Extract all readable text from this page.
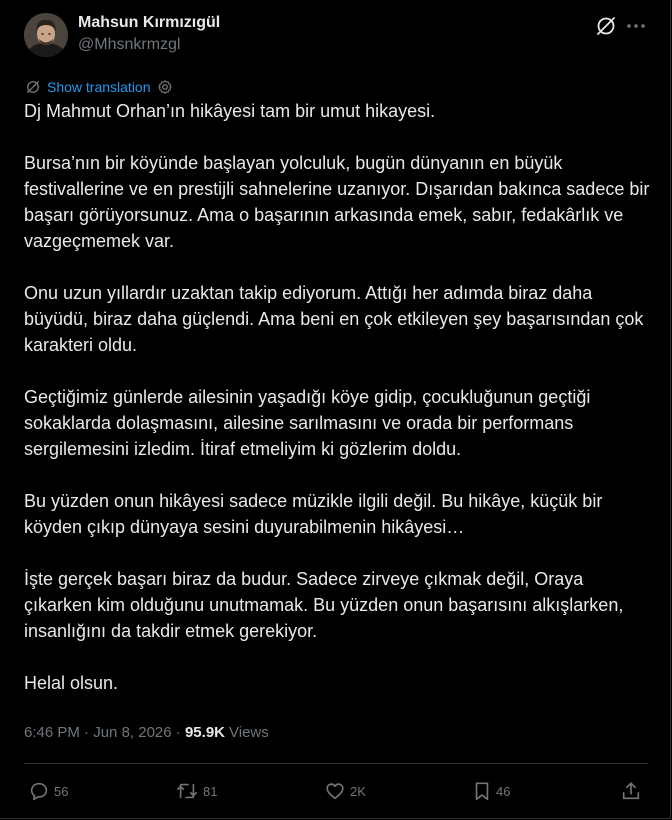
Mahsun Kırmızıgül
@Mhsnkrmzgl
Show translation

Dj Mahmut Orhan’ın hikâyesi tam bir umut hikayesi.

Bursa’nın bir köyünde başlayan yolculuk, bugün dünyanın en büyük festivallerine ve en prestijli sahnelerine uzanıyor. Dışarıdan bakınca sadece bir başarı görüyorsunuz. Ama o başarının arkasında emek, sabır, fedakârlık ve vazgeçmemek var.

Onu uzun yıllardır uzaktan takip ediyorum. Attığı her adımda biraz daha büyüdü, biraz daha güçlendi. Ama beni en çok etkileyen şey başarısından çok karakteri oldu.

Geçtiğimiz günlerde ailesinin yaşadığı köye gidip, çocukluğunun geçtiği sokaklarda dolaşmasını, ailesine sarılmasını ve orada bir performans sergilemesini izledim. İtiraf etmeliyim ki gözlerim doldu.

Bu yüzden onun hikâyesi sadece müzikle ilgili değil. Bu hikâye, küçük bir köyden çıkıp dünyaya sesini duyurabilmenin hikâyesi…

İşte gerçek başarı biraz da budur. Sadece zirveye çıkmak değil, Oraya çıkarken kim olduğunu unutmamak. Bu yüzden onun başarısını alkışlarken, insanlığını da takdir etmek gerekiyor.

Helal olsun.

6:46 PM · Jun 8, 2026 · 95.9K Views
56	81	2K	46
